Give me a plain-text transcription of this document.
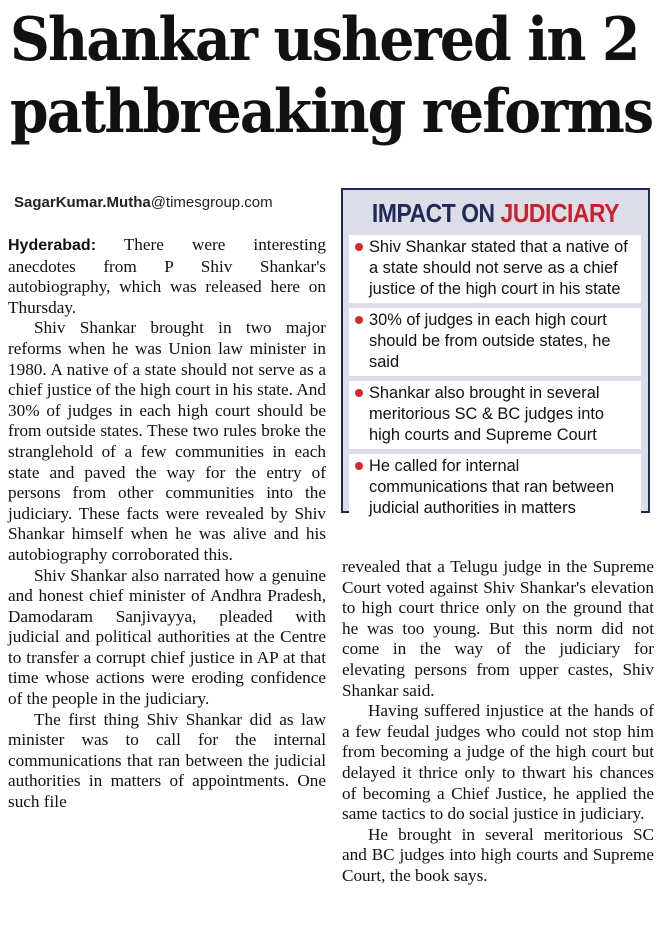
Shankar ushered in 2
pathbreaking reforms
SagarKumar.Mutha@timesgroup.com

Hyderabad: There were interesting anecdotes from P Shiv Shankar's autobiography, which was released here on Thursday.

Shiv Shankar brought in two major reforms when he was Union law minister in 1980. A native of a state should not serve as a chief justice of the high court in his state. And 30% of judges in each high court should be from outside states. These two rules broke the stranglehold of a few communities in each state and paved the way for the entry of persons from other communities into the judiciary. These facts were revealed by Shiv Shankar himself when he was alive and his autobiography corroborated this.

Shiv Shankar also narrated how a genuine and honest chief minister of Andhra Pradesh, Damodaram Sanjivayya, pleaded with judicial and political authorities at the Centre to transfer a corrupt chief justice in AP at that time whose actions were eroding confidence of the people in the judiciary.

The first thing Shiv Shankar did as law minister was to call for the internal communications that ran between the judicial authorities in matters of appointments. One such file

IMPACT ON JUDICIARY
Shiv Shankar stated that a native of a state should not serve as a chief justice of the high court in his state
30% of judges in each high court should be from outside states, he said
Shankar also brought in several meritorious SC & BC judges into high courts and Supreme Court
He called for internal communications that ran between judicial authorities in matters

revealed that a Telugu judge in the Supreme Court voted against Shiv Shankar's elevation to high court thrice only on the ground that he was too young. But this norm did not come in the way of the judiciary for elevating persons from upper castes, Shiv Shankar said.

Having suffered injustice at the hands of a few feudal judges who could not stop him from becoming a judge of the high court but delayed it thrice only to thwart his chances of becoming a Chief Justice, he applied the same tactics to do social justice in judiciary.

He brought in several meritorious SC and BC judges into high courts and Supreme Court, the book says.
